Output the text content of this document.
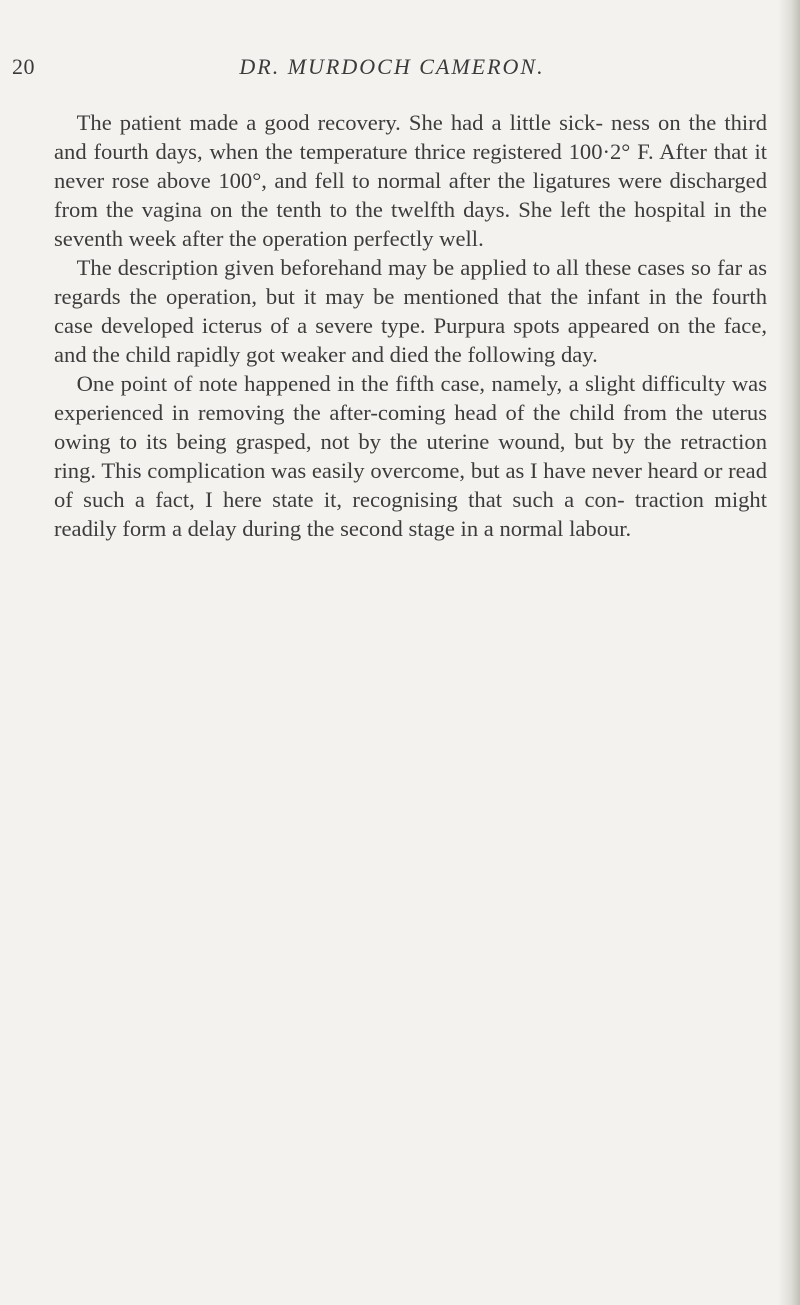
20	DR. MURDOCH CAMERON.

The patient made a good recovery. She had a little sick- ness on the third and fourth days, when the temperature thrice registered 100·2° F. After that it never rose above 100°, and fell to normal after the ligatures were discharged from the vagina on the tenth to the twelfth days. She left the hospital in the seventh week after the operation perfectly well.

The description given beforehand may be applied to all these cases so far as regards the operation, but it may be mentioned that the infant in the fourth case developed icterus of a severe type. Purpura spots appeared on the face, and the child rapidly got weaker and died the following day.

One point of note happened in the fifth case, namely, a slight difficulty was experienced in removing the after-coming head of the child from the uterus owing to its being grasped, not by the uterine wound, but by the retraction ring. This complication was easily overcome, but as I have never heard or read of such a fact, I here state it, recognising that such a con- traction might readily form a delay during the second stage in a normal labour.
